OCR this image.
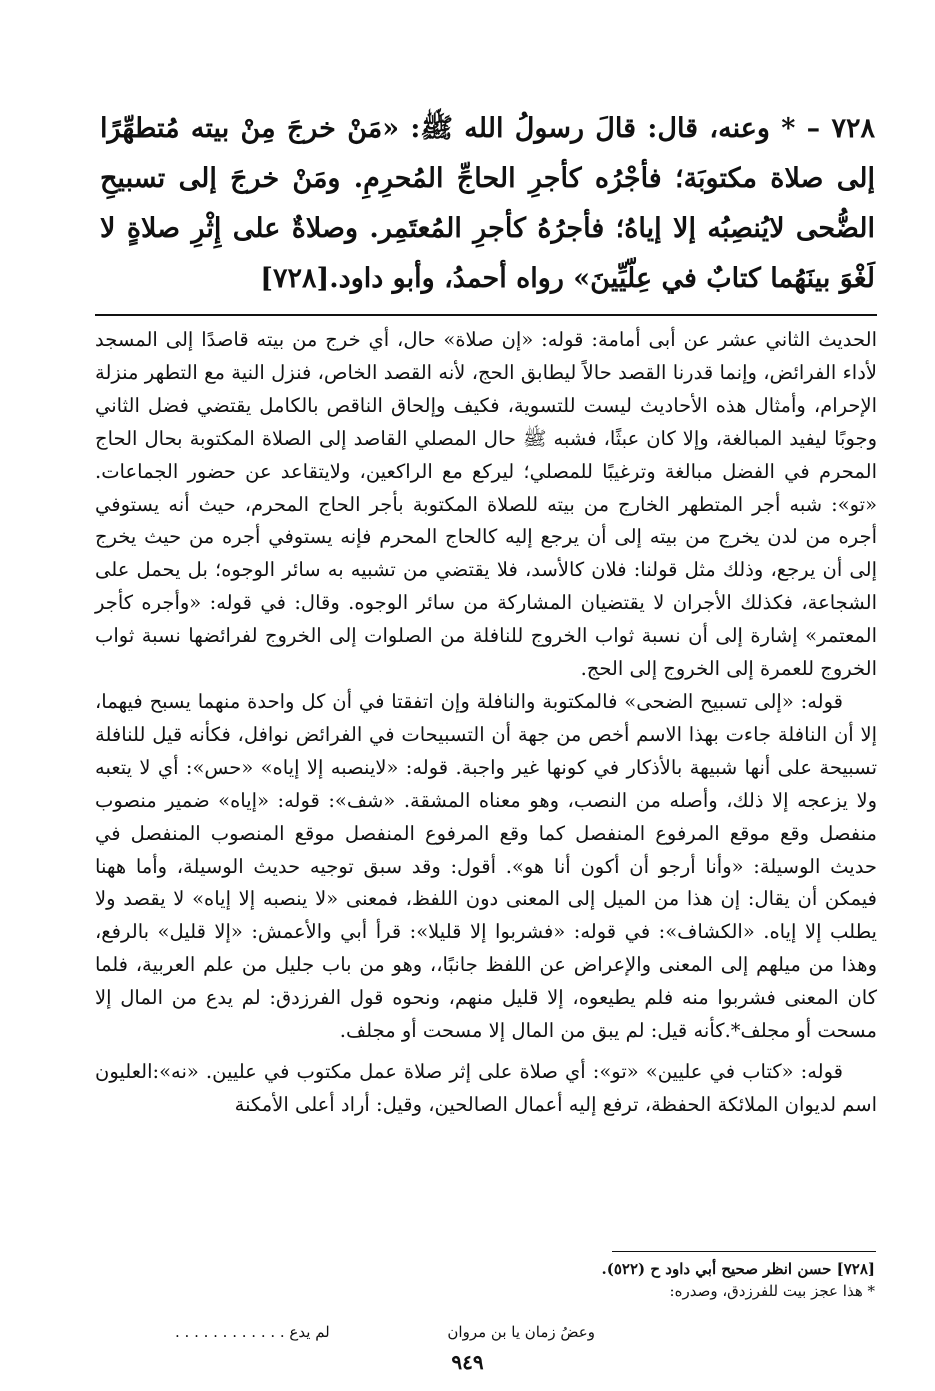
٧٢٨ – * وعنه، قال: قالَ رسولُ الله ﷺ: «مَنْ خرجَ مِنْ بيته مُتطهِّرًا إلى صلاة مكتوبَة؛ فأجْرُه كأجرِ الحاجِّ المُحرِمِ. ومَنْ خرجَ إلى تسبيحِ الضُّحى لايُنصِبُه إلا إياهُ؛ فأجرُهُ كأجرِ المُعتَمِر. وصلاةٌ على إِثْرِ صلاةٍ لا لَغْوَ بينَهُما كتابٌ في عِلّيِّينَ» رواه أحمدُ، وأبو داود.[٧٢٨]

الحديث الثاني عشر عن أبى أمامة: قوله: «إن صلاة» حال، أي خرج من بيته قاصدًا إلى المسجد لأداء الفرائض، وإنما قدرنا القصد حالاً ليطابق الحج، لأنه القصد الخاص، فنزل النية مع التطهر منزلة الإحرام، وأمثال هذه الأحاديث ليست للتسوية، فكيف وإلحاق الناقص بالكامل يقتضي فضل الثاني وجوبًا ليفيد المبالغة، وإلا كان عبثًا، فشبه ﷺ حال المصلي القاصد إلى الصلاة المكتوبة بحال الحاج المحرم في الفضل مبالغة وترغيبًا للمصلي؛ ليركع مع الراكعين، ولايتقاعد عن حضور الجماعات. «تو»: شبه أجر المتطهر الخارج من بيته للصلاة المكتوبة بأجر الحاج المحرم، حيث أنه يستوفي أجره من لدن يخرج من بيته إلى أن يرجع إليه كالحاج المحرم فإنه يستوفي أجره من حيث يخرج إلى أن يرجع، وذلك مثل قولنا: فلان كالأسد، فلا يقتضي من تشبيه به سائر الوجوه؛ بل يحمل على الشجاعة، فكذلك الأجران لا يقتضيان المشاركة من سائر الوجوه. وقال: في قوله: «وأجره كأجر المعتمر» إشارة إلى أن نسبة ثواب الخروج للنافلة من الصلوات إلى الخروج لفرائضها نسبة ثواب الخروج للعمرة إلى الخروج إلى الحج.

قوله: «إلى تسبيح الضحى» فالمكتوبة والنافلة وإن اتفقتا في أن كل واحدة منهما يسبح فيهما، إلا أن النافلة جاءت بهذا الاسم أخص من جهة أن التسبيحات في الفرائض نوافل، فكأنه قيل للنافلة تسبيحة على أنها شبيهة بالأذكار في كونها غير واجبة. قوله: «لاينصبه إلا إياه» «حس»: أي لا يتعبه ولا يزعجه إلا ذلك، وأصله من النصب، وهو معناه المشقة. «شف»: قوله: «إياه» ضمير منصوب منفصل وقع موقع المرفوع المنفصل كما وقع المرفوع المنفصل موقع المنصوب المنفصل في حديث الوسيلة: «وأنا أرجو أن أكون أنا هو». أقول: وقد سبق توجيه حديث الوسيلة، وأما ههنا فيمكن أن يقال: إن هذا من الميل إلى المعنى دون اللفظ، فمعنى «لا ينصبه إلا إياه» لا يقصد ولا يطلب إلا إياه. «الكشاف»: في قوله: «فشربوا إلا قليلا»: قرأ أبي والأعمش: «إلا قليل» بالرفع، وهذا من ميلهم إلى المعنى والإعراض عن اللفظ جانبًا،، وهو من باب جليل من علم العربية، فلما كان المعنى فشربوا منه فلم يطيعوه، إلا قليل منهم، ونحوه قول الفرزدق: لم يدع من المال إلا مسحت أو مجلف*.كأنه قيل: لم يبق من المال إلا مسحت أو مجلف.

قوله: «كتاب في عليين» «تو»: أي صلاة على إثر صلاة عمل مكتوب في عليين. «نه»:العليون اسم لديوان الملائكة الحفظة، ترفع إليه أعمال الصالحين، وقيل: أراد أعلى الأمكنة

[٧٢٨] حسن انظر صحيح أبي داود ح (٥٢٢).
* هذا عجز بيت للفرزدق، وصدره:
وعضُ زمان يا بن مروان
لم يدع . . . . . . . . . . . .
٩٤٩
